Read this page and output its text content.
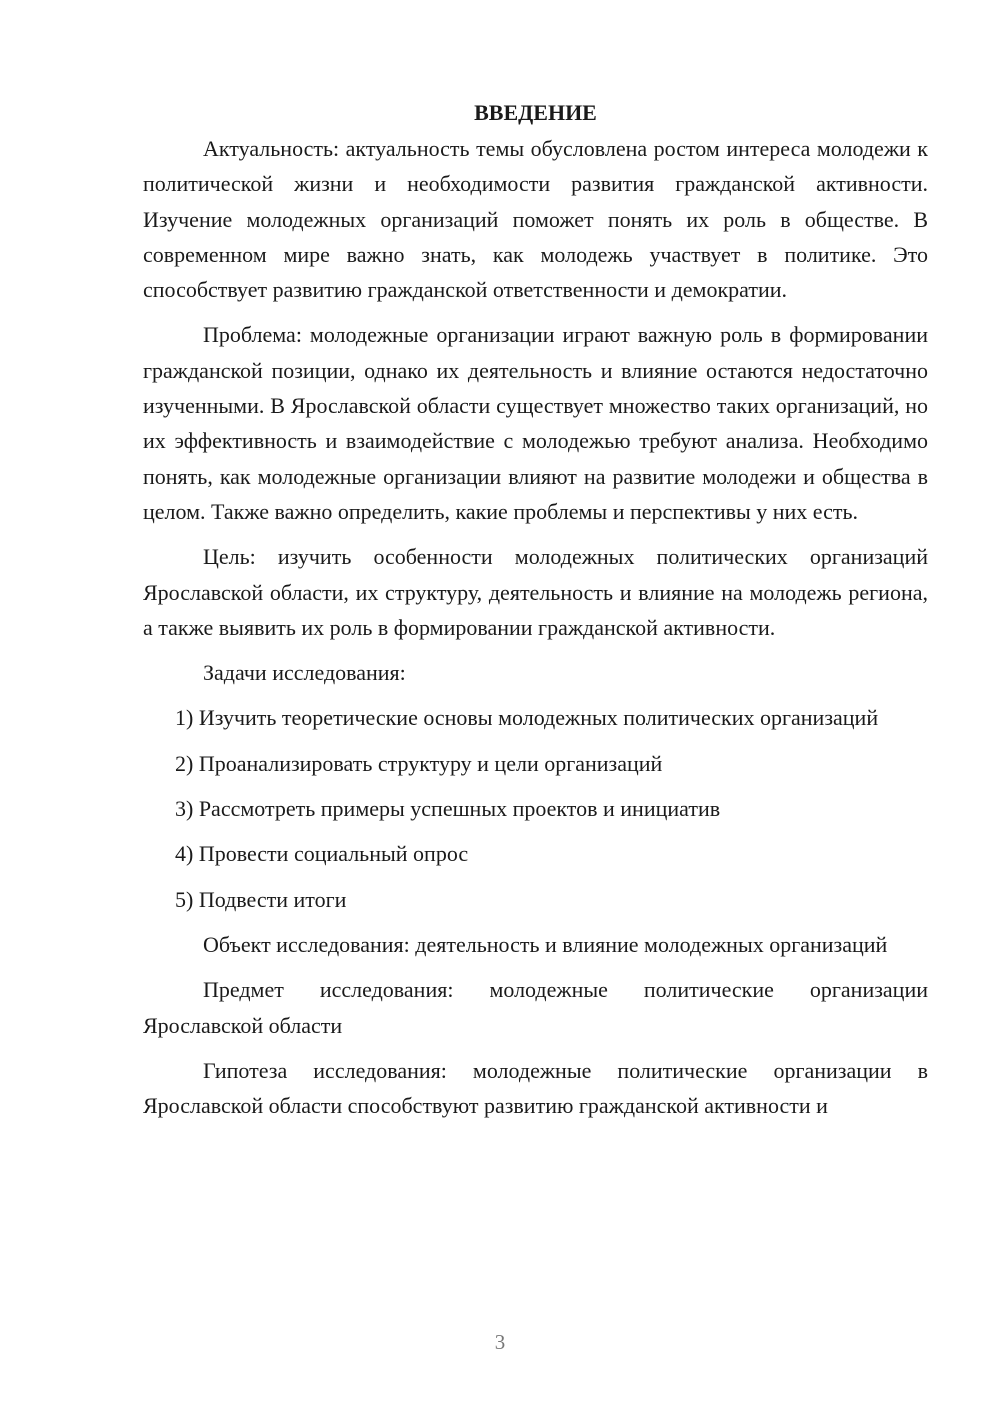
ВВЕДЕНИЕ

Актуальность: актуальность темы обусловлена ростом интереса молодежи к политической жизни и необходимости развития гражданской активности. Изучение молодежных организаций поможет понять их роль в обществе. В современном мире важно знать, как молодежь участвует в политике. Это способствует развитию гражданской ответственности и демократии.

Проблема: молодежные организации играют важную роль в формировании гражданской позиции, однако их деятельность и влияние остаются недостаточно изученными. В Ярославской области существует множество таких организаций, но их эффективность и взаимодействие с молодежью требуют анализа. Необходимо понять, как молодежные организации влияют на развитие молодежи и общества в целом. Также важно определить, какие проблемы и перспективы у них есть.

Цель: изучить особенности молодежных политических организаций Ярославской области, их структуру, деятельность и влияние на молодежь региона, а также выявить их роль в формировании гражданской активности.

Задачи исследования:

1) Изучить теоретические основы молодежных политических организаций

2) Проанализировать структуру и цели организаций

3) Рассмотреть примеры успешных проектов и инициатив

4) Провести социальный опрос

5) Подвести итоги

Объект исследования: деятельность и влияние молодежных организаций

Предмет исследования: молодежные политические организации Ярославской области

Гипотеза исследования: молодежные политические организации в Ярославской области способствуют развитию гражданской активности и

3
